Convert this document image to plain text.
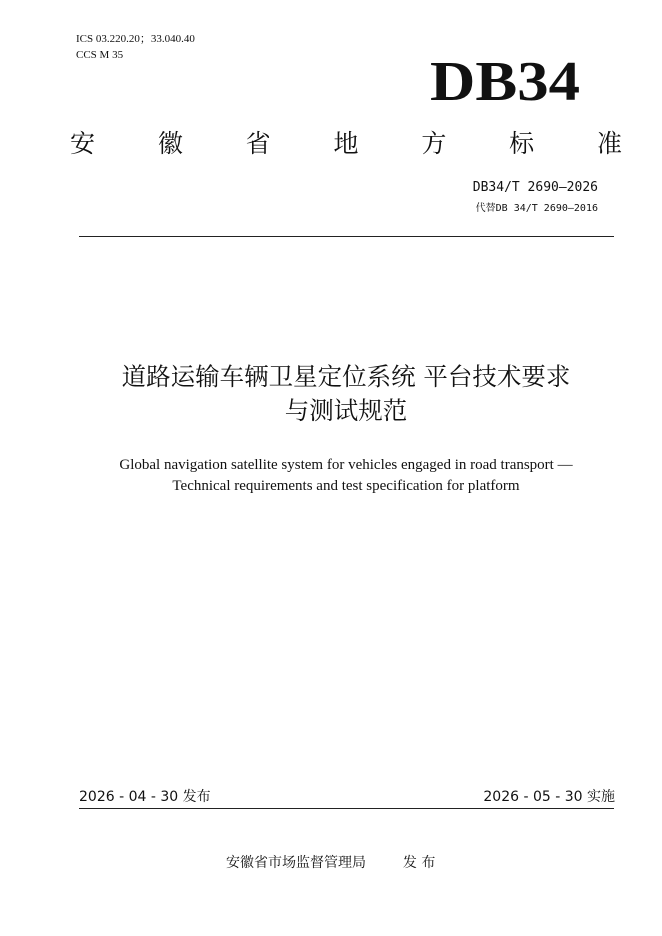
ICS 03.220.20；33.040.40
CCS M 35	DB34
安	徽	省	地	方	标	准
DB34/T 2690—2026
代替DB 34/T 2690—2016
道路运输车辆卫星定位系统 平台技术要求
与测试规范
Global navigation satellite system for vehicles engaged in road transport —
Technical requirements and test specification for platform
2026 - 04 - 30 发布	2026 - 05 - 30 实施
安徽省市场监督管理局	发 布
